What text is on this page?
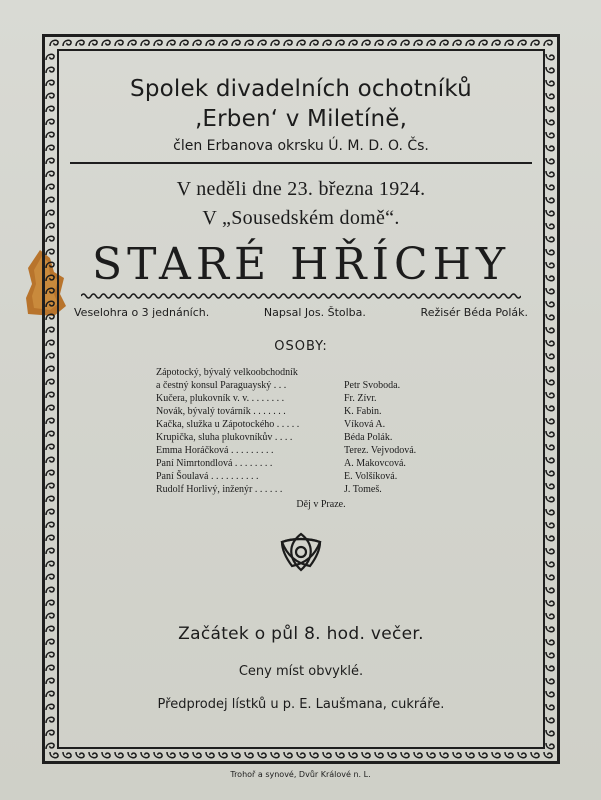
Spolek divadelních ochotníků
‚Erben‘ v Miletíně,
člen Erbanova okrsku Ú. M. D. O. Čs.
V neděli dne 23. března 1924.
V „Sousedském domě“.
STARÉ HŘÍCHY
Veselohra o 3 jednáních.	Napsal Jos. Štolba.	Režisér Béda Polák.
OSOBY:
Zápotocký, bývalý velkoobchodník
a čestný konsul Paraguayský . . .	Petr Svoboda.
Kučera, plukovník v. v. . . . . . . .	Fr. Zívr.
Novák, bývalý továrník . . . . . . .	K. Fabin.
Kačka, služka u Zápotockého . . . . .	Víková A.
Krupička, sluha plukovníkův . . . .	Béda Polák.
Emma Horáčková . . . . . . . . .	Terez. Vejvodová.
Paní Nimrtondlová . . . . . . . .	A. Makovcová.
Paní Šoulavá . . . . . . . . . .	E. Volšíková.
Rudolf Horlivý, inženýr . . . . . .	J. Tomeš.
Děj v Praze.
Začátek o půl 8. hod. večer.
Ceny míst obvyklé.
Předprodej lístků u p. E. Laušmana, cukráře.
Trohoř a synové, Dvůr Králové n. L.
